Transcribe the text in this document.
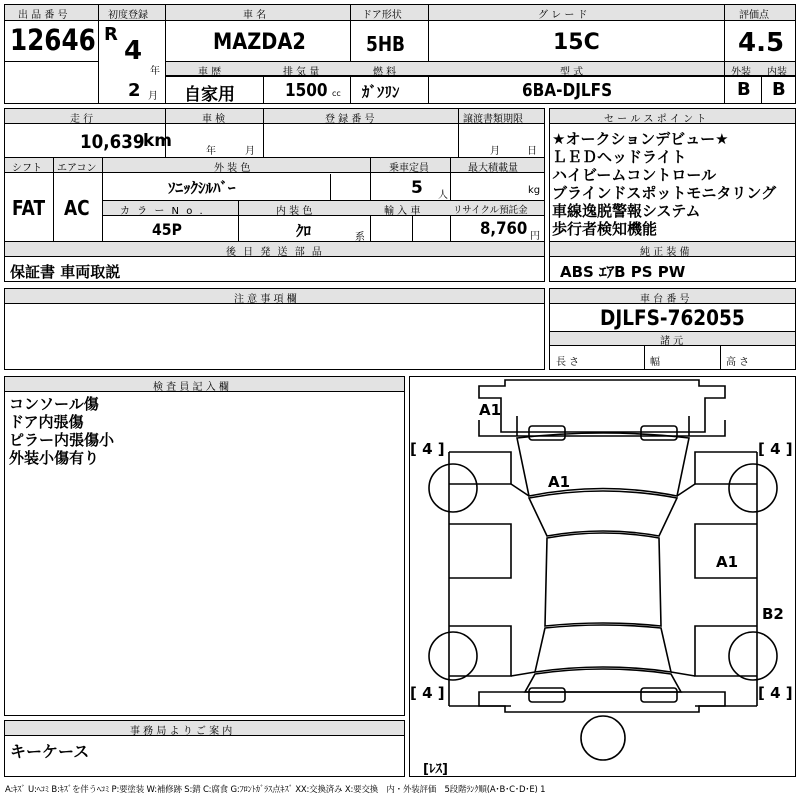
出 品 番 号
12646
初度登録
R
4
年
2 月
車 名
MAZDA2
ドア形状
5HB
グ レ ー ド
15C
評価点
4.5
車 歴
自家用
排 気 量
1500 cc
燃 料
ｶﾞｿﾘﾝ
型 式
6BA-DJLFS
外装
B
内装
B
走 行
10,639
km
車 検
年	月
登 録 番 号	譲渡書類期限
月	日
シフト エアコン
FAT AC
外 装 色
ｿﾆｯｸｼﾙﾊﾞｰ
乗車定員
5 人
最大積載量
kg
カ ラ ー N o .
45P
内 装 色
ｸﾛ	系
輸 入 車	リサイクル預託金
8,760 円
後 日 発 送 部 品
保証書 車両取説
セ ー ル ス ポ イ ン ト
★オークションデビュー★
ＬＥＤヘッドライト
ハイビームコントロール
ブラインドスポットモニタリング
車線逸脱警報システム
歩行者検知機能
純 正 装 備
ABS ｴｱB PS PW
注 意 事 項 欄	車 台 番 号
DJLFS-762055
諸 元
長 さ	幅	高 さ
検 査 員 記 入 欄
コンソール傷
ドア内張傷
ピラー内張傷小
外装小傷有り
事 務 局 よ り ご 案 内
キーケース
A1
A1
A1
B2
[ 4 ]	[ 4 ]
[ 4 ]	[ 4 ]
[ﾚｽ]
A:ｷｽﾞ U:ﾍｺﾐ B:ｷｽﾞを伴うﾍｺﾐ P:要塗装 W:補修跡 S:錆 C:腐食 G:ﾌﾛﾝﾄｶﾞﾗｽ点ｷｽﾞ XX:交換済み X:要交換　内・外装評価　5段階ﾗﾝｸ順(A･B･C･D･E) 1
